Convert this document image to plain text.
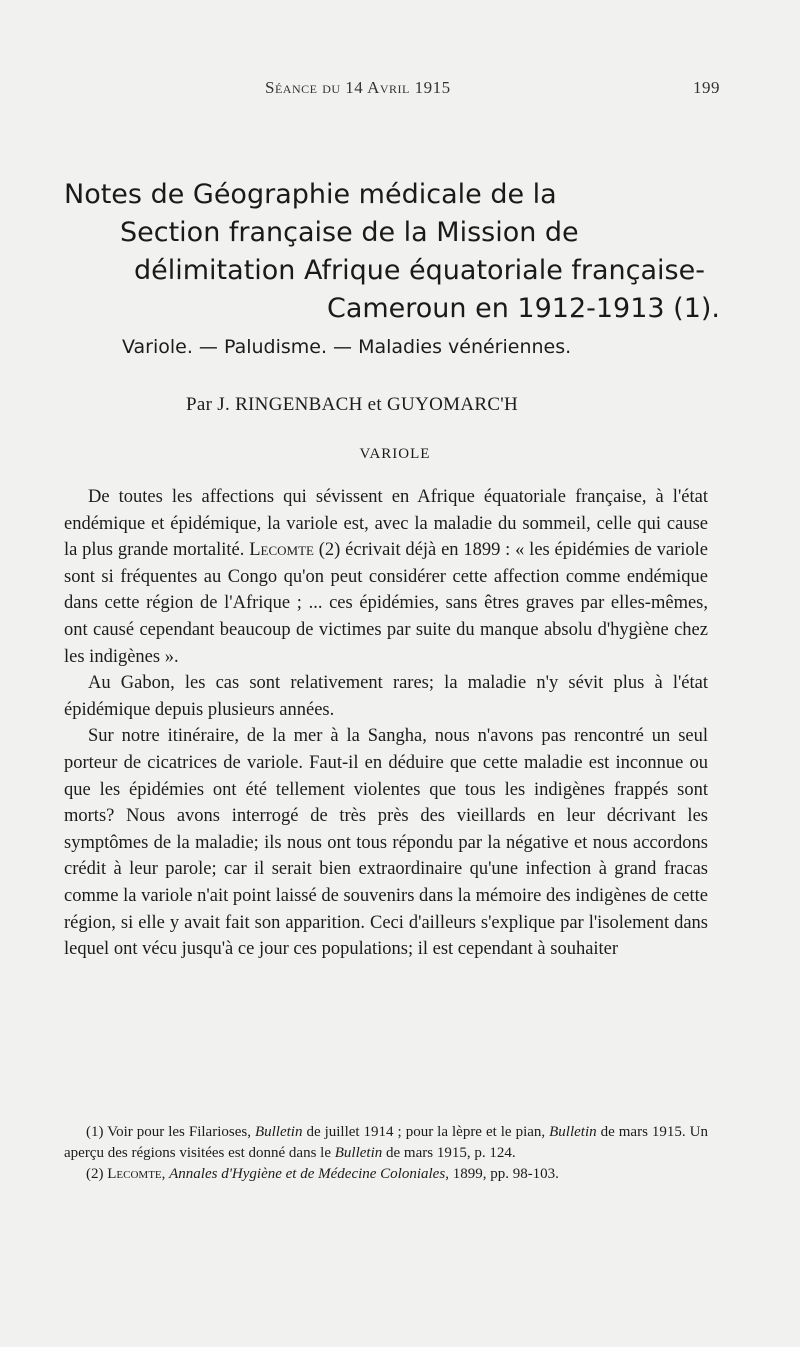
Séance du 14 Avril 1915	199
Notes de Géographie médicale de la
Section française de la Mission de
délimitation Afrique équatoriale française-
Cameroun en 1912-1913 (1).
Variole. — Paludisme. — Maladies vénériennes.
Par J. RINGENBACH et GUYOMARC'H
VARIOLE

De toutes les affections qui sévissent en Afrique équatoriale française, à l'état endémique et épidémique, la variole est, avec la maladie du sommeil, celle qui cause la plus grande mortalité. Lecomte (2) écrivait déjà en 1899 : « les épidémies de variole sont si fréquentes au Congo qu'on peut considérer cette affection comme endémique dans cette région de l'Afrique ; ... ces épidémies, sans êtres graves par elles-mêmes, ont causé cependant beaucoup de victimes par suite du manque absolu d'hygiène chez les indigènes ».

Au Gabon, les cas sont relativement rares; la maladie n'y sévit plus à l'état épidémique depuis plusieurs années.

Sur notre itinéraire, de la mer à la Sangha, nous n'avons pas rencontré un seul porteur de cicatrices de variole. Faut-il en déduire que cette maladie est inconnue ou que les épidémies ont été tellement violentes que tous les indigènes frappés sont morts? Nous avons interrogé de très près des vieillards en leur décrivant les symptômes de la maladie; ils nous ont tous répondu par la négative et nous accordons crédit à leur parole; car il serait bien extraordinaire qu'une infection à grand fracas comme la variole n'ait point laissé de souvenirs dans la mémoire des indigènes de cette région, si elle y avait fait son apparition. Ceci d'ailleurs s'explique par l'isolement dans lequel ont vécu jusqu'à ce jour ces populations; il est cependant à souhaiter

(1) Voir pour les Filarioses, Bulletin de juillet 1914 ; pour la lèpre et le pian, Bulletin de mars 1915. Un aperçu des régions visitées est donné dans le Bulletin de mars 1915, p. 124.

(2) Lecomte, Annales d'Hygiène et de Médecine Coloniales, 1899, pp. 98-103.
